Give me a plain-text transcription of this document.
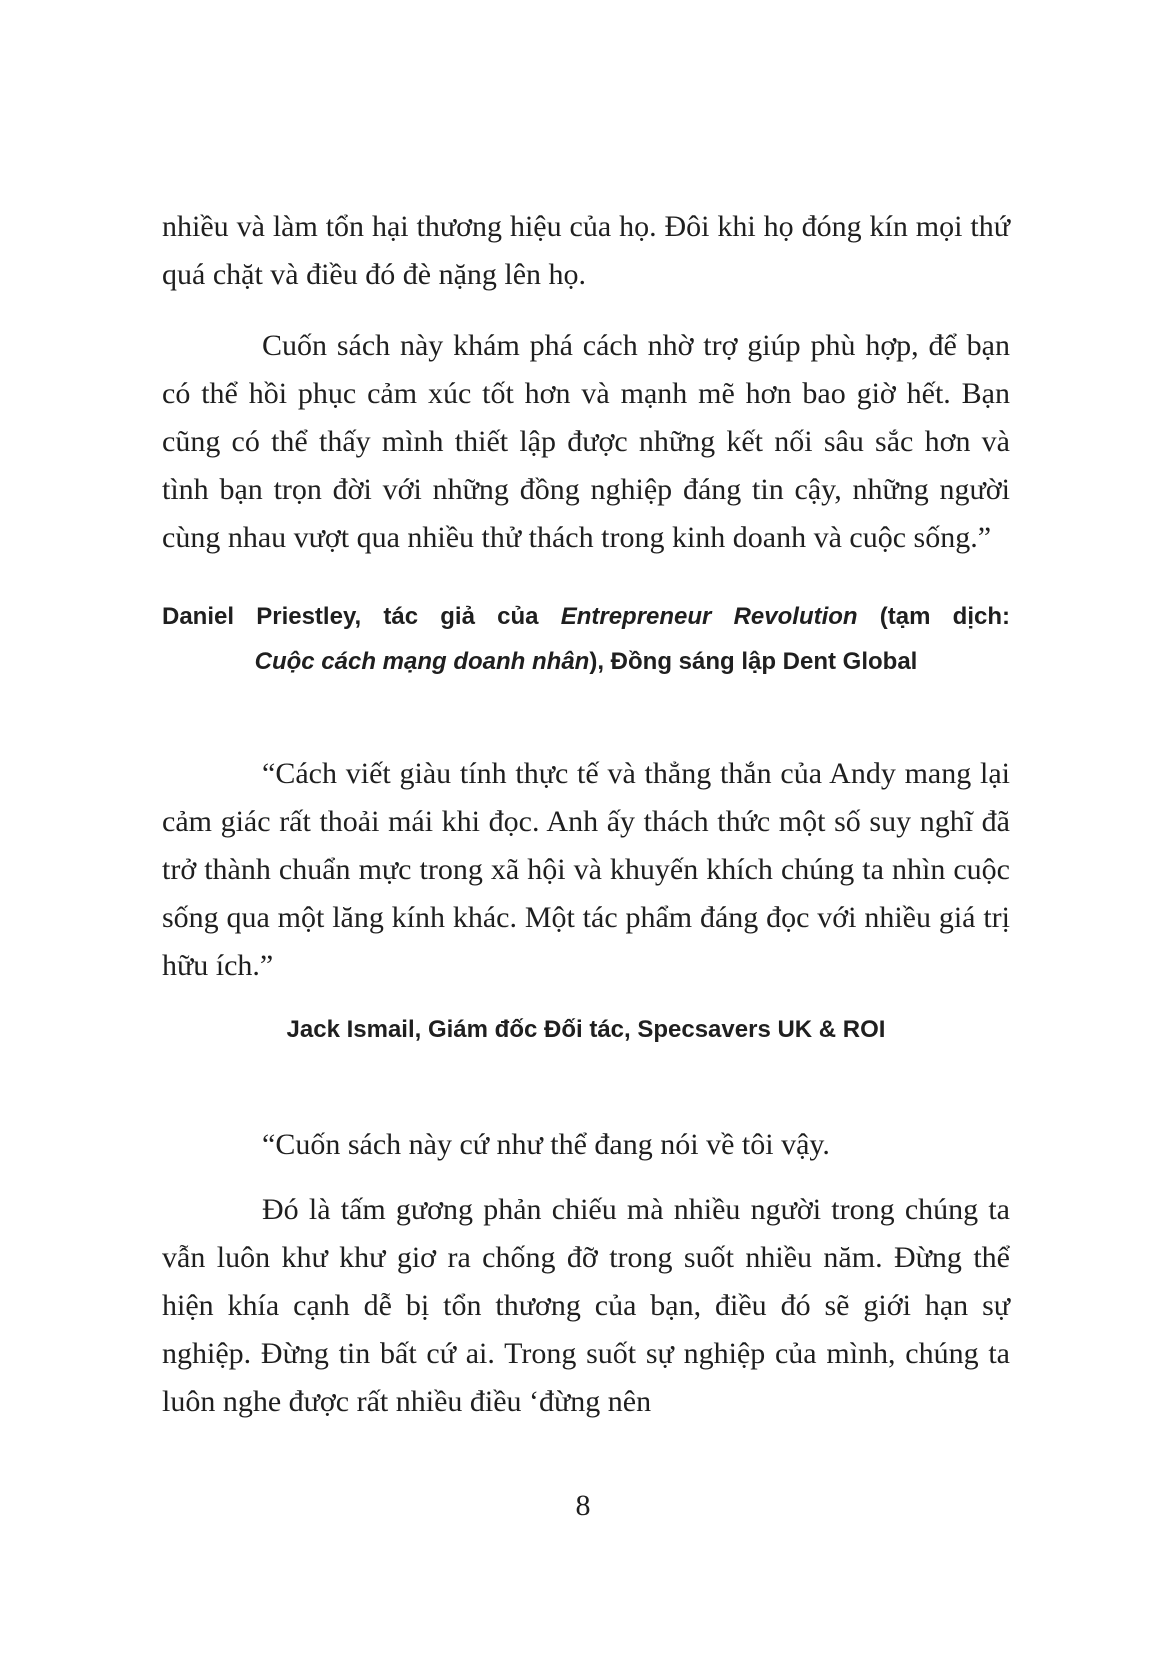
nhiều và làm tổn hại thương hiệu của họ. Đôi khi họ đóng kín mọi thứ quá chặt và điều đó đè nặng lên họ.

Cuốn sách này khám phá cách nhờ trợ giúp phù hợp, để bạn có thể hồi phục cảm xúc tốt hơn và mạnh mẽ hơn bao giờ hết. Bạn cũng có thể thấy mình thiết lập được những kết nối sâu sắc hơn và tình bạn trọn đời với những đồng nghiệp đáng tin cậy, những người cùng nhau vượt qua nhiều thử thách trong kinh doanh và cuộc sống.”

Daniel Priestley, tác giả của Entrepreneur Revolution (tạm dịch:
Cuộc cách mạng doanh nhân), Đồng sáng lập Dent Global

“Cách viết giàu tính thực tế và thẳng thắn của Andy mang lại cảm giác rất thoải mái khi đọc. Anh ấy thách thức một số suy nghĩ đã trở thành chuẩn mực trong xã hội và khuyến khích chúng ta nhìn cuộc sống qua một lăng kính khác. Một tác phẩm đáng đọc với nhiều giá trị hữu ích.”

Jack Ismail, Giám đốc Đối tác, Specsavers UK & ROI

“Cuốn sách này cứ như thể đang nói về tôi vậy.

Đó là tấm gương phản chiếu mà nhiều người trong chúng ta vẫn luôn khư khư giơ ra chống đỡ trong suốt nhiều năm. Đừng thể hiện khía cạnh dễ bị tổn thương của bạn, điều đó sẽ giới hạn sự nghiệp. Đừng tin bất cứ ai. Trong suốt sự nghiệp của mình, chúng ta luôn nghe được rất nhiều điều ‘đừng nên

8
